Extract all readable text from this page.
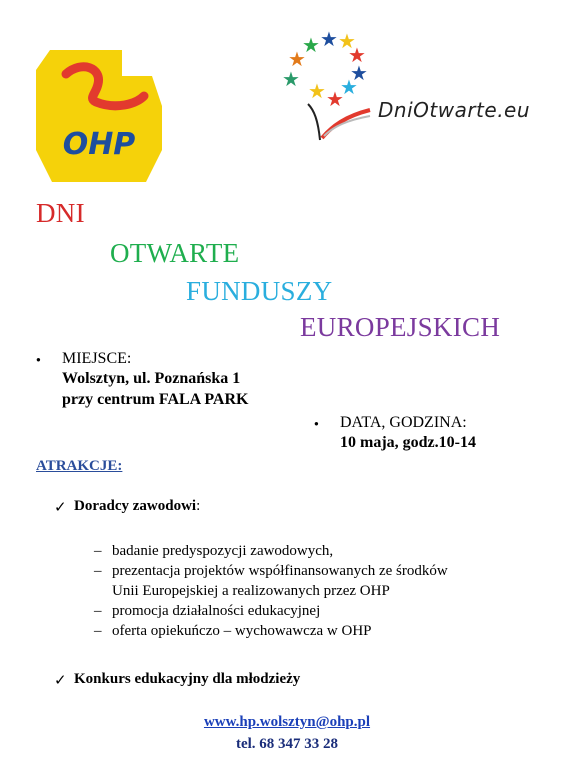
OHP
★ ★ ★
★
★
★
★
★ ★ ★ DniOtwarte.eu
DNI
OTWARTE
FUNDUSZY
EUROPEJSKICH
● MIEJSCE:
Wolsztyn, ul. Poznańska 1
przy centrum FALA PARK
● DATA, GODZINA:
10 maja, godz.10-14
ATRAKCJE:
✓ Doradcy zawodowi:
– badanie predyspozycji zawodowych,
– prezentacja projektów współfinansowanych ze środków
Unii Europejskiej a realizowanych przez OHP
– promocja działalności edukacyjnej
– oferta opiekuńczo – wychowawcza w OHP
✓ Konkurs edukacyjny dla młodzieży
www.hp.wolsztyn@ohp.pl
tel. 68 347 33 28
